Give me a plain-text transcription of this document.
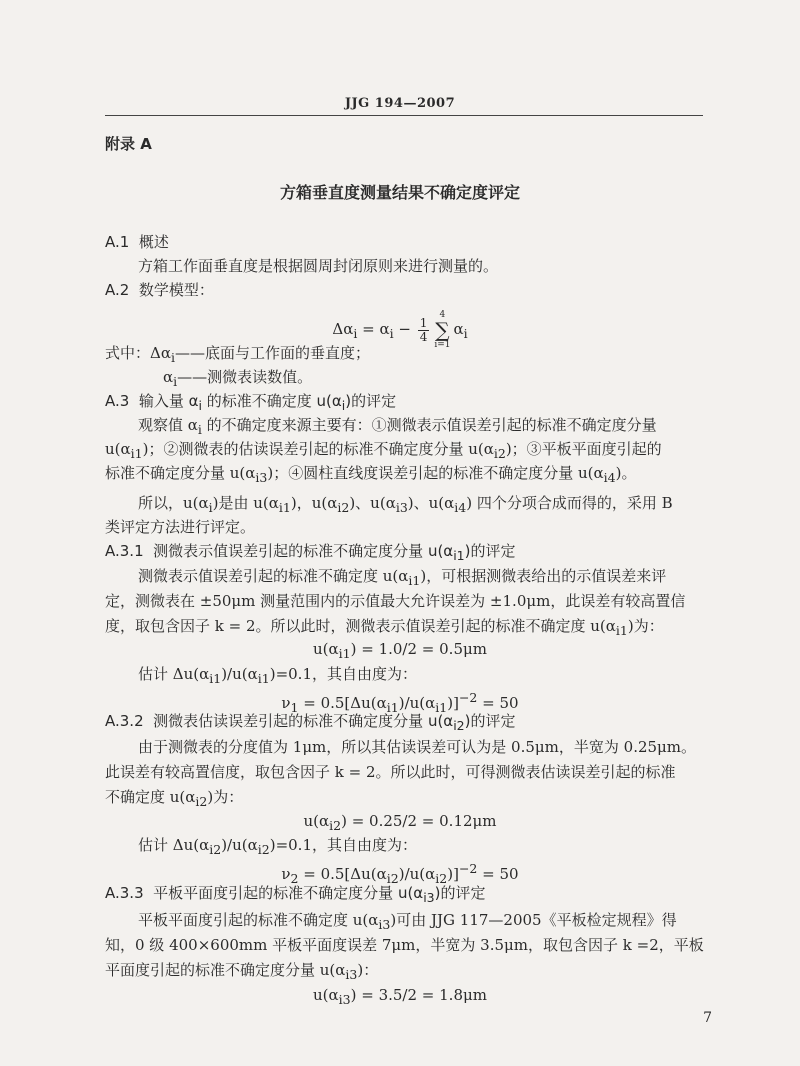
JJG 194—2007
附录 A
方箱垂直度测量结果不确定度评定
A.1 概述
方箱工作面垂直度是根据圆周封闭原则来进行测量的。
A.2 数学模型：
$\Delta\alpha_i = \alpha_i - \frac{1}{4}$
4
∑
i=1
$\alpha_i$
式中：$\Delta\alpha_i——$底面与工作面的垂直度；
$\alpha_i——$测微表读数值。
A.3 输入量 $\alpha_i$ 的标准不确定度 $u(\alpha_i)$的评定
观察值 $\alpha_i$ 的不确定度来源主要有：①测微表示值误差引起的标准不确定度分量
$u(\alpha_{i1})$；②测微表的估读误差引起的标准不确定度分量 $u(\alpha_{i2})$；③平板平面度引起的
标准不确定度分量 $u(\alpha_{i3})$；④圆柱直线度误差引起的标准不确定度分量 $u(\alpha_{i4})$。
所以，$u(\alpha_i)$是由 $u(\alpha_{i1})$，$u(\alpha_{i2})$、$u(\alpha_{i3})$、$u(\alpha_{i4})$ 四个分项合成而得的，采用 B
类评定方法进行评定。
A.3.1 测微表示值误差引起的标准不确定度分量 $u(\alpha_{i1})$的评定
测微表示值误差引起的标准不确定度 $u(\alpha_{i1})$，可根据测微表给出的示值误差来评
定，测微表在 ±50μm 测量范围内的示值最大允许误差为 ±1.0μm，此误差有较高置信
度，取包含因子 k = 2。所以此时，测微表示值误差引起的标准不确定度 $u(\alpha_{i1})$为：
$u(\alpha_{i1}) = 1.0/2 = 0.5\mu m$
估计 $\Delta u(\alpha_{i1})/u(\alpha_{i1})=0.1$，其自由度为：
$\nu_1 = 0.5[\Delta u(\alpha_{i1})/u(\alpha_{i1})]^{-2} = 50$
A.3.2 测微表估读误差引起的标准不确定度分量 $u(\alpha_{i2})$的评定
由于测微表的分度值为 1μm，所以其估读误差可认为是 0.5μm，半宽为 0.25μm。
此误差有较高置信度，取包含因子 k = 2。所以此时，可得测微表估读误差引起的标准
不确定度 $u(\alpha_{i2})$为：
$u(\alpha_{i2}) = 0.25/2 = 0.12\mu m$
估计 $\Delta u(\alpha_{i2})/u(\alpha_{i2})=0.1$，其自由度为：
$\nu_2 = 0.5[\Delta u(\alpha_{i2})/u(\alpha_{i2})]^{-2} = 50$
A.3.3 平板平面度引起的标准不确定度分量 $u(\alpha_{i3})$的评定
平板平面度引起的标准不确定度 $u(\alpha_{i3})$可由 JJG 117—2005《平板检定规程》得
知，0 级 400×600mm 平板平面度误差 7μm，半宽为 3.5μm，取包含因子 k =2，平板
平面度引起的标准不确定度分量 $u(\alpha_{i3})$：
$u(\alpha_{i3}) = 3.5/2 = 1.8\mu m$
7
